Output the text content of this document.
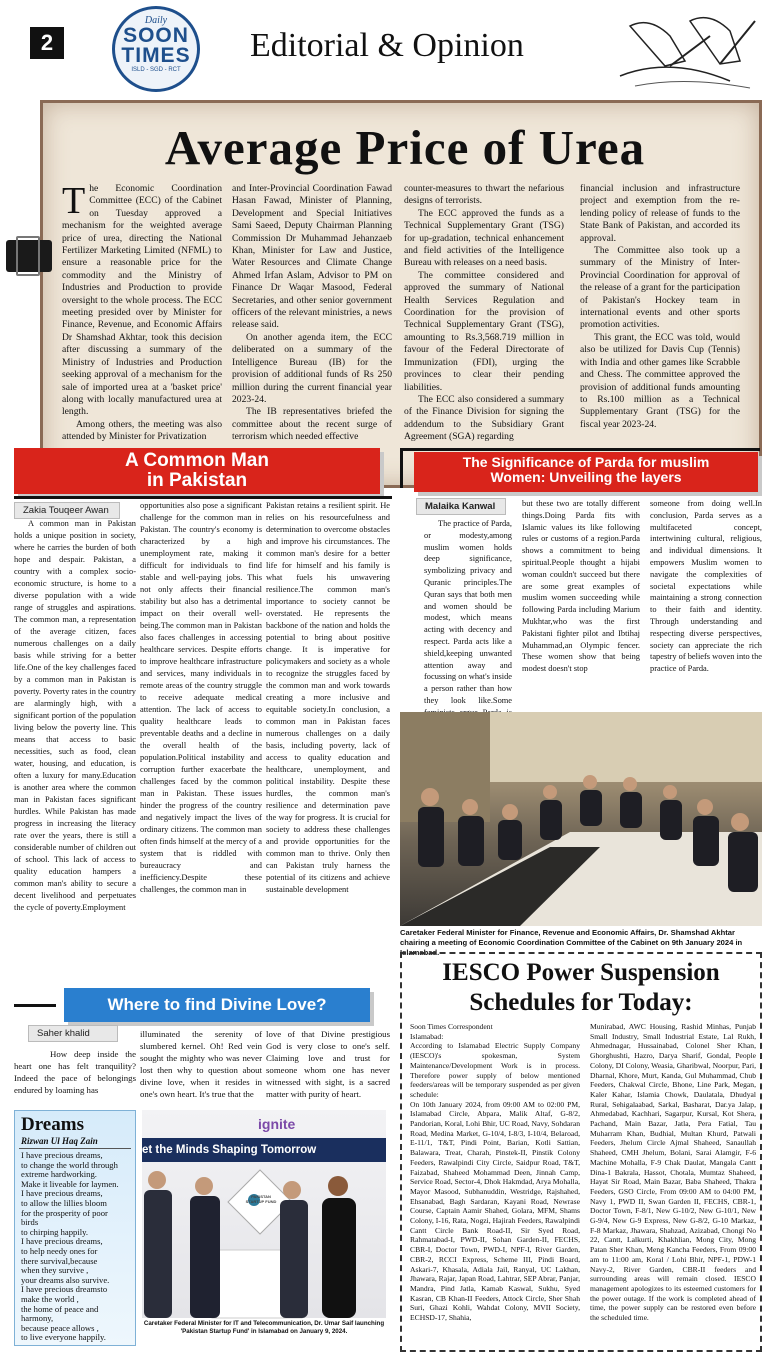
2
Daily
SOON
TIMES
ISLD - SGD - RCT
Editorial & Opinion
Average Price of Urea

The Economic Coordination Committee (ECC) of the Cabinet on Tuesday approved a mechanism for the weighted average price of urea, directing the National Fertilizer Marketing Limited (NFML) to ensure a reasonable price for the commodity and the Ministry of Industries and Production to provide oversight to the whole process. The ECC meeting presided over by Minister for Finance, Revenue, and Economic Affairs Dr Shamshad Akhtar, took this decision after discussing a summary of the Ministry of Industries and Production seeking approval of a mechanism for the sale of imported urea at a 'basket price' along with locally manufactured urea at length.

Among others, the meeting was also attended by Minister for Privatization

and Inter-Provincial Coordination Fawad Hasan Fawad, Minister of Planning, Development and Special Initiatives Sami Saeed, Deputy Chairman Planning Commission Dr Muhammad Jehanzaeb Khan, Minister for Law and Justice, Water Resources and Climate Change Ahmed Irfan Aslam, Advisor to PM on Finance Dr Waqar Masood, Federal Secretaries, and other senior government officers of the relevant ministries, a news release said.

On another agenda item, the ECC deliberated on a summary of the Intelligence Bureau (IB) for the provision of additional funds of Rs 250 million during the current financial year 2023-24.

The IB representatives briefed the committee about the recent surge of terrorism which needed effective

counter-measures to thwart the nefarious designs of terrorists.

The ECC approved the funds as a Technical Supplementary Grant (TSG) for up-gradation, technical enhancement and field activities of the Intelligence Bureau with releases on a need basis.

The committee considered and approved the summary of National Health Services Regulation and Coordination for the provision of Technical Supplementary Grant (TSG), amounting to Rs.3,568.719 million in favour of the Federal Directorate of Immunization (FDI), urging the provinces to clear their pending liabilities.

The ECC also considered a summary of the Finance Division for signing the addendum to the Subsidiary Grant Agreement (SGA) regarding

financial inclusion and infrastructure project and exemption from the re-lending policy of release of funds to the State Bank of Pakistan, and accorded its approval.

The Committee also took up a summary of the Ministry of Inter-Provincial Coordination for approval of the release of a grant for the participation of Pakistan's Hockey team in international events and other sports promotion activities.

This grant, the ECC was told, would also be utilized for Davis Cup (Tennis) with India and other games like Scrabble and Chess. The committee approved the provision of additional funds amounting to Rs.100 million as a Technical Supplementary Grant (TSG) for the fiscal year 2023-24.

A Common Man
in Pakistan
Zakia Touqeer Awan

A common man in Pakistan holds a unique position in society, where he carries the burden of both hope and despair. Pakistan, a country with a complex socio-economic structure, is home to a diverse population with a wide range of struggles and aspirations. The common man, a representation of the average citizen, faces numerous challenges on a daily basis while striving for a better life.One of the key challenges faced by a common man in Pakistan is poverty. Poverty rates in the country are alarmingly high, with a significant portion of the population living below the poverty line. This means that access to basic necessities, such as food, clean water, housing, and education, is often a luxury for many.Education is another area where the common man in Pakistan faces significant hurdles. While Pakistan has made progress in increasing the literacy rate over the years, there is still a considerable number of children out of school. This lack of access to quality education hampers a common man's ability to secure a decent livelihood and perpetuates the cycle of poverty.Employment

opportunities also pose a significant challenge for the common man in Pakistan. The country's economy is characterized by a high unemployment rate, making it difficult for individuals to find stable and well-paying jobs. This not only affects their financial stability but also has a detrimental impact on their overall well-being.The common man in Pakistan also faces challenges in accessing healthcare services. Despite efforts to improve healthcare infrastructure and services, many individuals in remote areas of the country struggle to receive adequate medical attention. The lack of access to quality healthcare leads to preventable deaths and a decline in the overall health of the population.Political instability and corruption further exacerbate the challenges faced by the common man in Pakistan. These issues hinder the progress of the country and negatively impact the lives of ordinary citizens. The common man often finds himself at the mercy of a system that is riddled with bureaucracy and inefficiency.Despite these challenges, the common man in

Pakistan retains a resilient spirit. He relies on his resourcefulness and determination to overcome obstacles and improve his circumstances. The common man's desire for a better life for himself and his family is what fuels his unwavering resilience.The common man's importance to society cannot be overstated. He represents the backbone of the nation and holds the potential to bring about positive change. It is imperative for policymakers and society as a whole to recognize the struggles faced by the common man and work towards creating a more inclusive and equitable society.In conclusion, a common man in Pakistan faces numerous challenges on a daily basis, including poverty, lack of access to quality education and healthcare, unemployment, and political instability. Despite these hurdles, the common man's resilience and determination pave the way for progress. It is crucial for society to address these challenges and provide opportunities for the common man to thrive. Only then can Pakistan truly harness the potential of its citizens and achieve sustainable development

The Significance of Parda for muslim
Women: Unveiling the layers
Malaika Kanwal

The practice of Parda, or modesty,among muslim women holds deep significance, symbolizing privacy and Quranic principles.The Quran says that both men and women should be modest, which means acting with decency and respect. Parda acts like a shield,keeping unwanted attention away and focussing on what's inside a person rather than how they look like.Some

but these two are totally different things.Doing Parda fits with Islamic values its like following rules or customs of a region.Parda shows a commitment to being spiritual.People thought a hijabi woman couldn't succeed but there are some great examples of muslim women succeeding while following Parda including Marium Mukhtar,who was the first Pakistani fighter pilot and Ibtihaj Muhammad,an Olympic fencer. These women show that being modest doesn't stop

someone from doing well.In conclusion, Parda serves as a multifaceted concept, intertwining cultural, religious, and individual dimensions. It empowers Muslim women to navigate the complexities of societal expectations while maintaining a strong connection to their faith and identity. Through understanding and respecting diverse perspectives, society can appreciate the rich tapestry of beliefs woven into the practice of Parda.

Caretaker Federal Minister for Finance, Revenue and Economic Affairs, Dr. Shamshad Akhtar chairing a meeting of Economic Coordination Committee of the Cabinet on 9th January 2024 in Islamabad.
Where to find Divine Love?
Saher khalid

How deep inside the heart one has felt tranquility? Indeed the pace of belongings endured by loaming has

illuminated the serenity of slumbered kernel. Oh! Red vein sought the mighty who was never lost then why to question about divine love, when it resides in one's own heart. It's true that the

love of that Divine prestigious God is very close to one's self. Claiming love and trust for someone whom one has never witnessed with sight, is a sacred matter with purity of heart.

Dreams
Rizwan Ul Haq Zain
I have precious dreams,
to change the world through
extreme hardworking.
Make it liveable for laymen.
I have precious dreams,
to allow the lillies bloom
for the prosperity of poor
birds
to chirping happily.
I have precious dreams,
to help needy ones for
there survival,because
when they survive ,
your dreams also survive.
I have precious dreamsto
make the world ,
the home of peace and
harmony,
because peace allows ,
to live everyone happily.
et the Minds Shaping Tomorrow
ignite
PAKISTAN STARTUP FUND
Caretaker Federal Minister for IT and Telecommunication, Dr. Umar Saif launching 'Pakistan Startup Fund' in Islamabad on January 9, 2024.
IESCO Power Suspension
Schedules for Today:
Soon Times Correspondent
Islamabad:
According to Islamabad Electric Supply Company (IESCO)'s spokesman, System Maintenance/Development Work is in process. Therefore power supply of below mentioned feeders/areas will be temporary suspended as per given schedule:
On 10th January 2024, from 09:00 AM to 02:00 PM, Islamabad Circle, Abpara, Malik Altaf, G-8/2, Pandorian, Koral, Lohi Bhir, UC Road, Navy, Sohdaran Road, Medina Market, G-10/4, I-8/3, I-10/4, Belaroad, E-11/1, T&T, Pindi Point, Barian, Kotli Sattian, Balawara, Treat, Charah, Pinstek-II, Pinstik Colony Feeders, Rawalpindi City Circle, Saidpur Road, T&T, Faizabad, Shaheed Mohammad Deen, Jinnah Camp, Service Road, Sector-4, Dhok Hakmdad, Arya Mohalla, Mayor Masood, Subhanuddin, Westridge, Rajshahed, Ehsanabad, Bagh Sardaran, Kayani Road, Newrase Course, Captain Aamir Shahed, Golara, MFM, Shams Colony, I-16, Rata, Nogzi, Hajirah Feeders, Rawalpindi Cantt Circle Bank Road-II, Sir Syed Road, Rahmatabad-I, PWD-II, Sohan Garden-II, FECHS, CBR-I, Doctor Town, PWD-I, NPF-I, River Garden, CBR-2, RCCI Express, Scheme III, Pindi Board, Askari-7, Khasala, Adiala Jail, Ranyal, UC Lakhan, Jhawara, Rajar, Japan Road, Lahtrar, SEP Abrar, Panjar, Mandra, Pind Jatla, Kamab Kaswal, Sukhu, Syed Kasran, CB Khan-II Feeders, Attock Circle, Sher Shah Suri, Ghazi Kohli, Wahdat Colony, MVII Society, ECHSD-17, Shahia,
Munirabad, AWC Housing, Rashid Minhas, Punjab Small Industry, Small Industrial Estate, Lal Rukh, Ahmednagar, Hussainabad, Colonel Sher Khan, Ghorghushti, Hazro, Darya Sharif, Gondal, People Colony, DI Colony, Weasia, Gharibwal, Noorpur, Pari, Dharnal, Khore, Murt, Kanda, Gul Muhammad, Chub Feeders, Chakwal Circle, Bhone, Line Park, Megan, Kaler Kahar, Islamia Chowk, Daulatala, Dhudyal Rural, Sehigalaabad, Sarkal, Basharat, Dar.ya Jalap, Ahmedabad, Kachhari, Sagarpur, Kursal, Kot Shera, Pachand, Main Bazar, Jatla, Pera Fatial, Tau Muharram Khan, Budhial, Multan Khurd, Patwali Feeders, Jhelum Circle Ajmal Shaheed, Sanaullah Shaheed, CMH Jhelum, Bolani, Sarai Alamgir, F-6 Machine Mohalla, F-9 Chak Daulat, Mangala Cantt Dina-1 Bakrala, Hassot, Chotala, Mumtaz Shaheed, Hayat Sir Road, Main Bazar, Baba Shaheed, Thakra Feeders, GSO Circle, From 09:00 AM to 04:00 PM, Navy 1, PWD II, Swan Garden II, FECHS, CBR-1, Doctor Town, F-8/1, New G-10/2, New G-10/1, New G-9/4, New G-9 Express, New G-8/2, G-10 Markaz, F-8 Markaz, Jhawara, Shahzad, Azizabad, Chongi No 22, Cantt, Lalkurti, Khakhlian, Mong City, Mong Patan Sher Khan, Meng Kancha Feeders, From 09:00 am to 11:00 am, Koral / Lohi Bhir, NPF-1, PDW-1 Navy-2, River Garden, CBR-II feeders and surrounding areas will remain closed. IESCO management apologizes to its esteemed customers for the power outage. If the work is completed ahead of time, the power supply can be restored even before the scheduled time.
